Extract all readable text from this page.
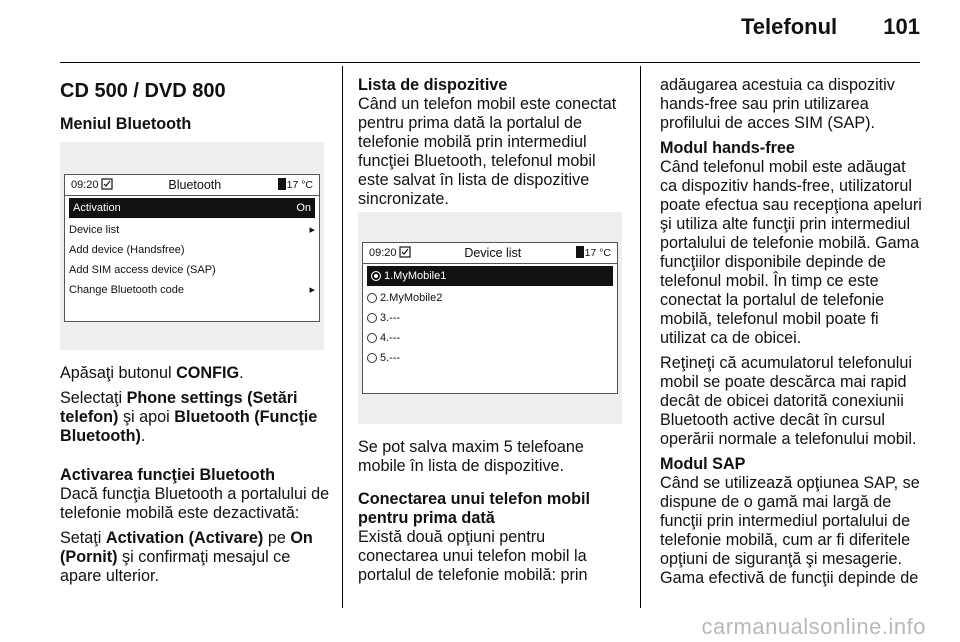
Telefonul 101
CD 500 / DVD 800
Meniul Bluetooth
09:20	Bluetooth	17 °C
Activation	On
Device list	▸
Add device (Handsfree)
Add SIM access device (SAP)
Change Bluetooth code	▸

Apăsaţi butonul CONFIG.

Selectaţi Phone settings (Setări telefon) şi apoi Bluetooth (Funcţie Bluetooth).

Activarea funcţiei Bluetooth

Dacă funcţia Bluetooth a portalului de telefonie mobilă este dezactivată:

Setaţi Activation (Activare) pe On (Pornit) şi confirmaţi mesajul ce apare ulterior.

Lista de dispozitive

Când un telefon mobil este conectat pentru prima dată la portalul de telefonie mobilă prin intermediul funcţiei Bluetooth, telefonul mobil este salvat în lista de dispozitive sincronizate.

09:20	Device list	17 °C
1.MyMobile1
2.MyMobile2
3.---
4.---
5.---

Se pot salva maxim 5 telefoane mobile în lista de dispozitive.

Conectarea unui telefon mobil pentru prima dată

Există două opţiuni pentru conectarea unui telefon mobil la portalul de telefonie mobilă: prin

adăugarea acestuia ca dispozitiv hands-free sau prin utilizarea profilului de acces SIM (SAP).

Modul hands-free

Când telefonul mobil este adăugat ca dispozitiv hands-free, utilizatorul poate efectua sau recepţiona apeluri şi utiliza alte funcţii prin intermediul portalului de telefonie mobilă. Gama funcţiilor disponibile depinde de telefonul mobil. În timp ce este conectat la portalul de telefonie mobilă, telefonul mobil poate fi utilizat ca de obicei.

Reţineţi că acumulatorul telefonului mobil se poate descărca mai rapid decât de obicei datorită conexiunii Bluetooth active decât în cursul operării normale a telefonului mobil.

Modul SAP

Când se utilizează opţiunea SAP, se dispune de o gamă mai largă de funcţii prin intermediul portalului de telefonie mobilă, cum ar fi diferitele opţiuni de siguranţă şi mesagerie. Gama efectivă de funcţii depinde de

carmanualsonline.info
